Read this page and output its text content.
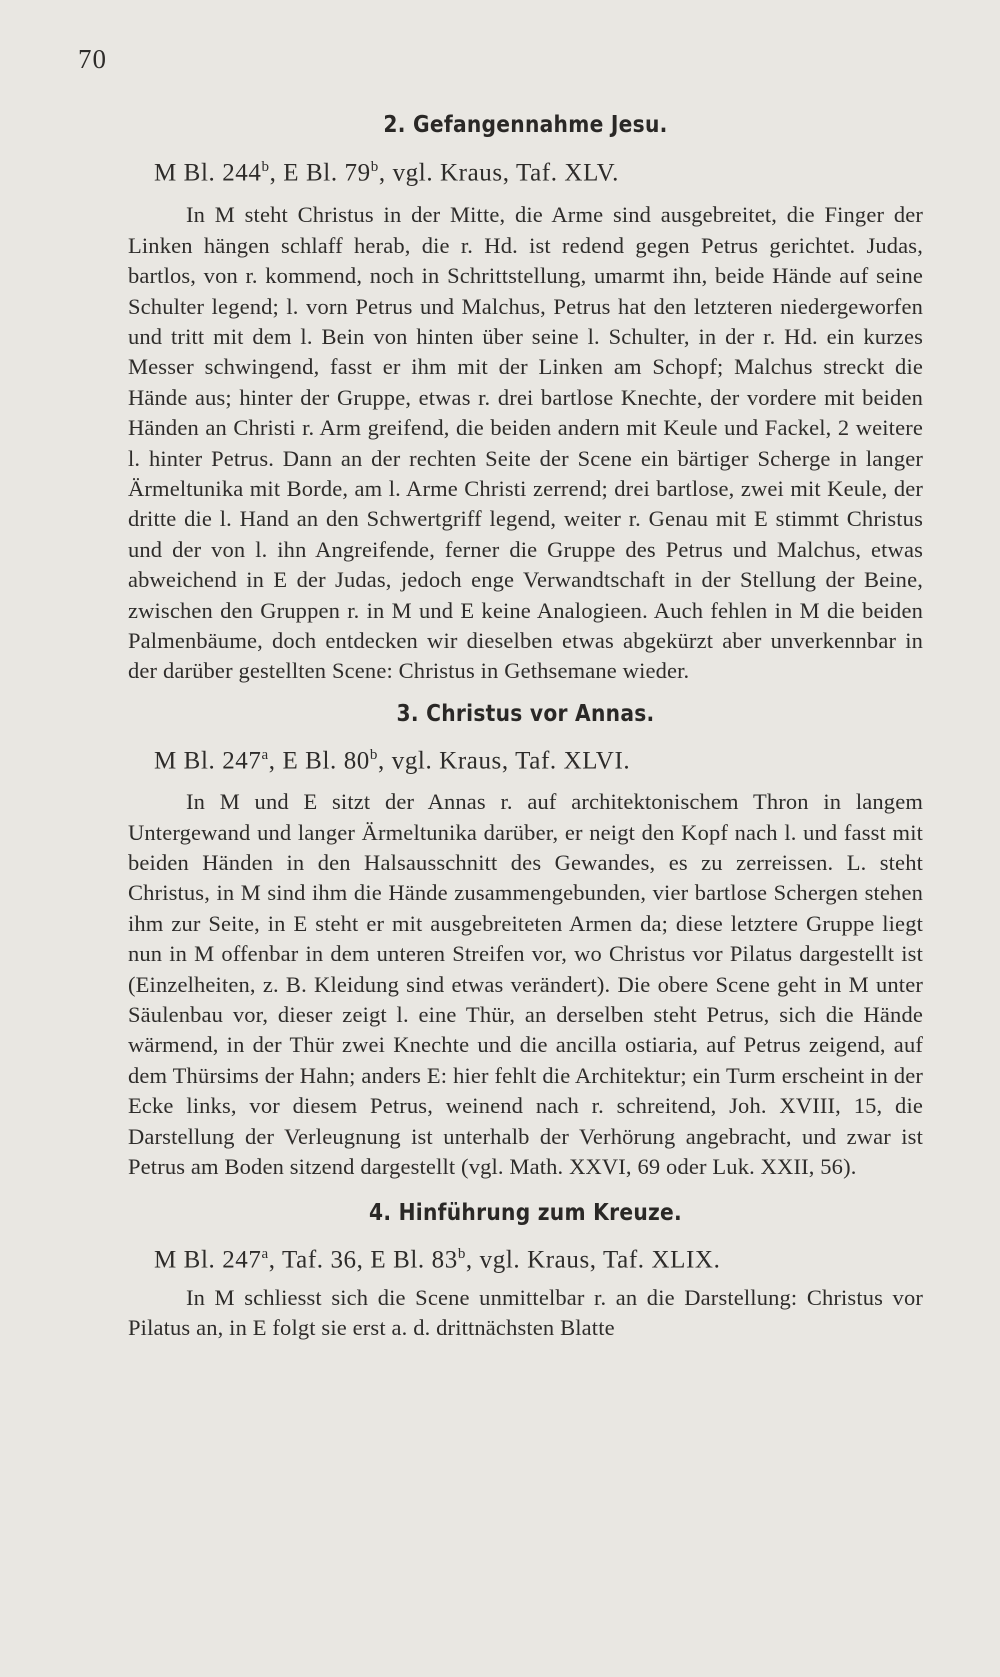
70
2. Gefangennahme Jesu.

M Bl. 244$^b$, E Bl. 79$^b$, vgl. Kraus, Taf. XLV.

In M steht Christus in der Mitte, die Arme sind ausgebreitet, die Finger der Linken hängen schlaff herab, die r. Hd. ist redend gegen Petrus gerichtet. Judas, bartlos, von r. kommend, noch in Schrittstellung, umarmt ihn, beide Hände auf seine Schulter legend; l. vorn Petrus und Malchus, Petrus hat den letzteren niedergeworfen und tritt mit dem l. Bein von hinten über seine l. Schulter, in der r. Hd. ein kurzes Messer schwingend, fasst er ihm mit der Linken am Schopf; Malchus streckt die Hände aus; hinter der Gruppe, etwas r. drei bartlose Knechte, der vordere mit beiden Händen an Christi r. Arm greifend, die beiden andern mit Keule und Fackel, 2 weitere l. hinter Petrus. Dann an der rechten Seite der Scene ein bärtiger Scherge in langer Ärmeltunika mit Borde, am l. Arme Christi zerrend; drei bartlose, zwei mit Keule, der dritte die l. Hand an den Schwertgriff legend, weiter r. Genau mit E stimmt Christus und der von l. ihn Angreifende, ferner die Gruppe des Petrus und Malchus, etwas abweichend in E der Judas, jedoch enge Verwandtschaft in der Stellung der Beine, zwischen den Gruppen r. in M und E keine Analogieen. Auch fehlen in M die beiden Palmenbäume, doch entdecken wir dieselben etwas abgekürzt aber unverkennbar in der darüber gestellten Scene: Christus in Gethsemane wieder.

3. Christus vor Annas.

M Bl. 247$^a$, E Bl. 80$^b$, vgl. Kraus, Taf. XLVI.

In M und E sitzt der Annas r. auf architektonischem Thron in langem Untergewand und langer Ärmeltunika darüber, er neigt den Kopf nach l. und fasst mit beiden Händen in den Halsausschnitt des Gewandes, es zu zerreissen. L. steht Christus, in M sind ihm die Hände zusammengebunden, vier bartlose Schergen stehen ihm zur Seite, in E steht er mit ausgebreiteten Armen da; diese letztere Gruppe liegt nun in M offenbar in dem unteren Streifen vor, wo Christus vor Pilatus dargestellt ist (Einzelheiten, z. B. Kleidung sind etwas verändert). Die obere Scene geht in M unter Säulenbau vor, dieser zeigt l. eine Thür, an derselben steht Petrus, sich die Hände wärmend, in der Thür zwei Knechte und die ancilla ostiaria, auf Petrus zeigend, auf dem Thürsims der Hahn; anders E: hier fehlt die Architektur; ein Turm erscheint in der Ecke links, vor diesem Petrus, weinend nach r. schreitend, Joh. XVIII, 15, die Darstellung der Verleugnung ist unterhalb der Verhörung angebracht, und zwar ist Petrus am Boden sitzend dargestellt (vgl. Math. XXVI, 69 oder Luk. XXII, 56).

4. Hinführung zum Kreuze.

M Bl. 247$^a$, Taf. 36, E Bl. 83$^b$, vgl. Kraus, Taf. XLIX.

In M schliesst sich die Scene unmittelbar r. an die Darstellung: Christus vor Pilatus an, in E folgt sie erst a. d. drittnächsten Blatte
